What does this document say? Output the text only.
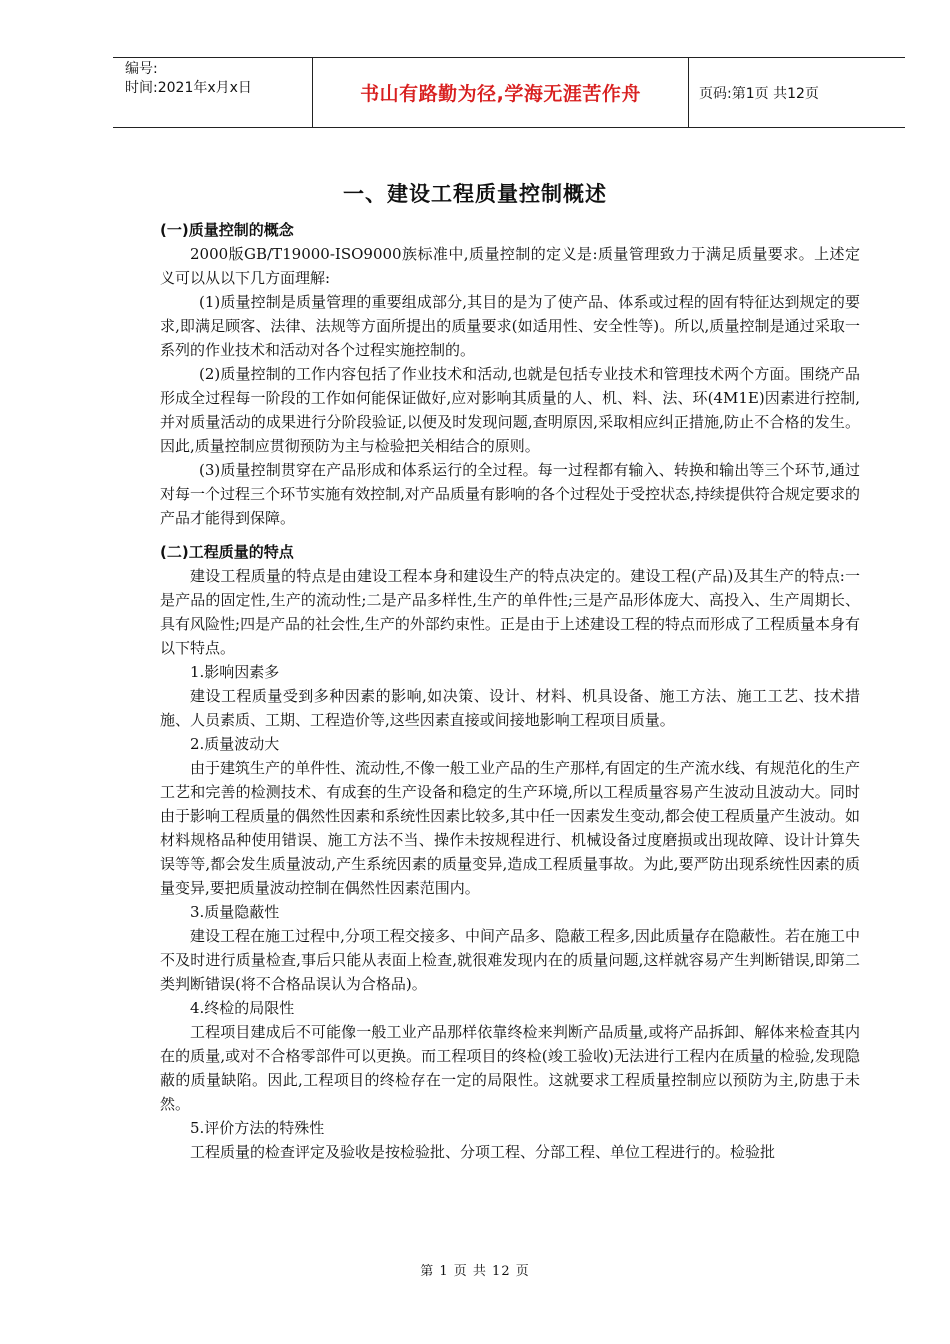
编号:
时间:2021年x月x日	书山有路勤为径,学海无涯苦作舟	页码:第1页 共12页
一、建设工程质量控制概述
(一)质量控制的概念
2000版GB/T19000-ISO9000族标准中,质量控制的定义是:质量管理致力于满足质量要求。上述定义可以从以下几方面理解:
(1)质量控制是质量管理的重要组成部分,其目的是为了使产品、体系或过程的固有特征达到规定的要求,即满足顾客、法律、法规等方面所提出的质量要求(如适用性、安全性等)。所以,质量控制是通过采取一系列的作业技术和活动对各个过程实施控制的。
(2)质量控制的工作内容包括了作业技术和活动,也就是包括专业技术和管理技术两个方面。围绕产品形成全过程每一阶段的工作如何能保证做好,应对影响其质量的人、机、料、法、环(4M1E)因素进行控制,并对质量活动的成果进行分阶段验证,以便及时发现问题,查明原因,采取相应纠正措施,防止不合格的发生。因此,质量控制应贯彻预防为主与检验把关相结合的原则。
(3)质量控制贯穿在产品形成和体系运行的全过程。每一过程都有输入、转换和输出等三个环节,通过对每一个过程三个环节实施有效控制,对产品质量有影响的各个过程处于受控状态,持续提供符合规定要求的产品才能得到保障。
(二)工程质量的特点
建设工程质量的特点是由建设工程本身和建设生产的特点决定的。建设工程(产品)及其生产的特点:一是产品的固定性,生产的流动性;二是产品多样性,生产的单件性;三是产品形体庞大、高投入、生产周期长、具有风险性;四是产品的社会性,生产的外部约束性。正是由于上述建设工程的特点而形成了工程质量本身有以下特点。
1.影响因素多
建设工程质量受到多种因素的影响,如决策、设计、材料、机具设备、施工方法、施工工艺、技术措施、人员素质、工期、工程造价等,这些因素直接或间接地影响工程项目质量。
2.质量波动大
由于建筑生产的单件性、流动性,不像一般工业产品的生产那样,有固定的生产流水线、有规范化的生产工艺和完善的检测技术、有成套的生产设备和稳定的生产环境,所以工程质量容易产生波动且波动大。同时由于影响工程质量的偶然性因素和系统性因素比较多,其中任一因素发生变动,都会使工程质量产生波动。如材料规格品种使用错误、施工方法不当、操作未按规程进行、机械设备过度磨损或出现故障、设计计算失误等等,都会发生质量波动,产生系统因素的质量变异,造成工程质量事故。为此,要严防出现系统性因素的质量变异,要把质量波动控制在偶然性因素范围内。
3.质量隐蔽性
建设工程在施工过程中,分项工程交接多、中间产品多、隐蔽工程多,因此质量存在隐蔽性。若在施工中不及时进行质量检查,事后只能从表面上检查,就很难发现内在的质量问题,这样就容易产生判断错误,即第二类判断错误(将不合格品误认为合格品)。
4.终检的局限性
工程项目建成后不可能像一般工业产品那样依靠终检来判断产品质量,或将产品拆卸、解体来检查其内在的质量,或对不合格零部件可以更换。而工程项目的终检(竣工验收)无法进行工程内在质量的检验,发现隐蔽的质量缺陷。因此,工程项目的终检存在一定的局限性。这就要求工程质量控制应以预防为主,防患于未然。
5.评价方法的特殊性
工程质量的检查评定及验收是按检验批、分项工程、分部工程、单位工程进行的。检验批
第 1 页 共 12 页
